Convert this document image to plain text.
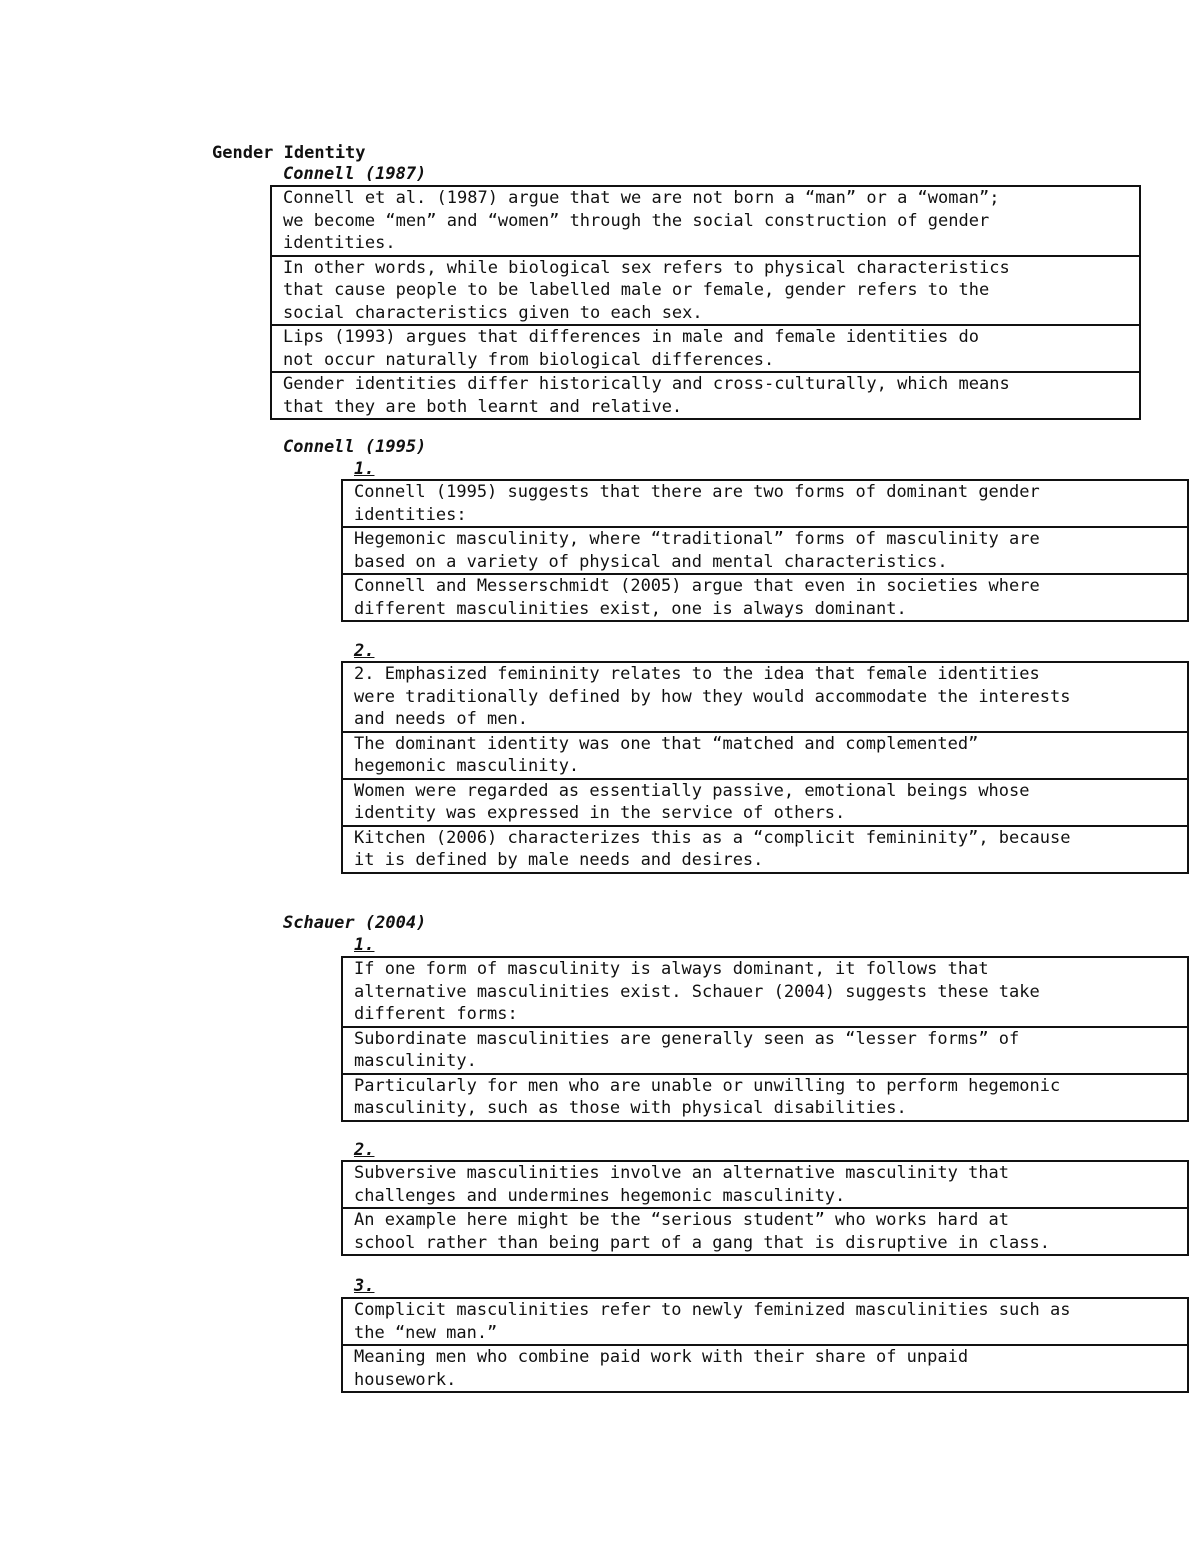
Gender Identity
Connell (1987)
Connell et al. (1987) argue that we are not born a “man” or a “woman”;
we become “men” and “women” through the social construction of gender
identities.
In other words, while biological sex refers to physical characteristics
that cause people to be labelled male or female, gender refers to the
social characteristics given to each sex.
Lips (1993) argues that differences in male and female identities do
not occur naturally from biological differences.
Gender identities differ historically and cross-culturally, which means
that they are both learnt and relative.
Connell (1995)
1.
Connell (1995) suggests that there are two forms of dominant gender
identities:
Hegemonic masculinity, where “traditional” forms of masculinity are
based on a variety of physical and mental characteristics.
Connell and Messerschmidt (2005) argue that even in societies where
different masculinities exist, one is always dominant.
2.
2. Emphasized femininity relates to the idea that female identities
were traditionally defined by how they would accommodate the interests
and needs of men.
The dominant identity was one that “matched and complemented”
hegemonic masculinity.
Women were regarded as essentially passive, emotional beings whose
identity was expressed in the service of others.
Kitchen (2006) characterizes this as a “complicit femininity”, because
it is defined by male needs and desires.
Schauer (2004)
1.
If one form of masculinity is always dominant, it follows that
alternative masculinities exist. Schauer (2004) suggests these take
different forms:
Subordinate masculinities are generally seen as “lesser forms” of
masculinity.
Particularly for men who are unable or unwilling to perform hegemonic
masculinity, such as those with physical disabilities.
2.
Subversive masculinities involve an alternative masculinity that
challenges and undermines hegemonic masculinity.
An example here might be the “serious student” who works hard at
school rather than being part of a gang that is disruptive in class.
3.
Complicit masculinities refer to newly feminized masculinities such as
the “new man.”
Meaning men who combine paid work with their share of unpaid
housework.
